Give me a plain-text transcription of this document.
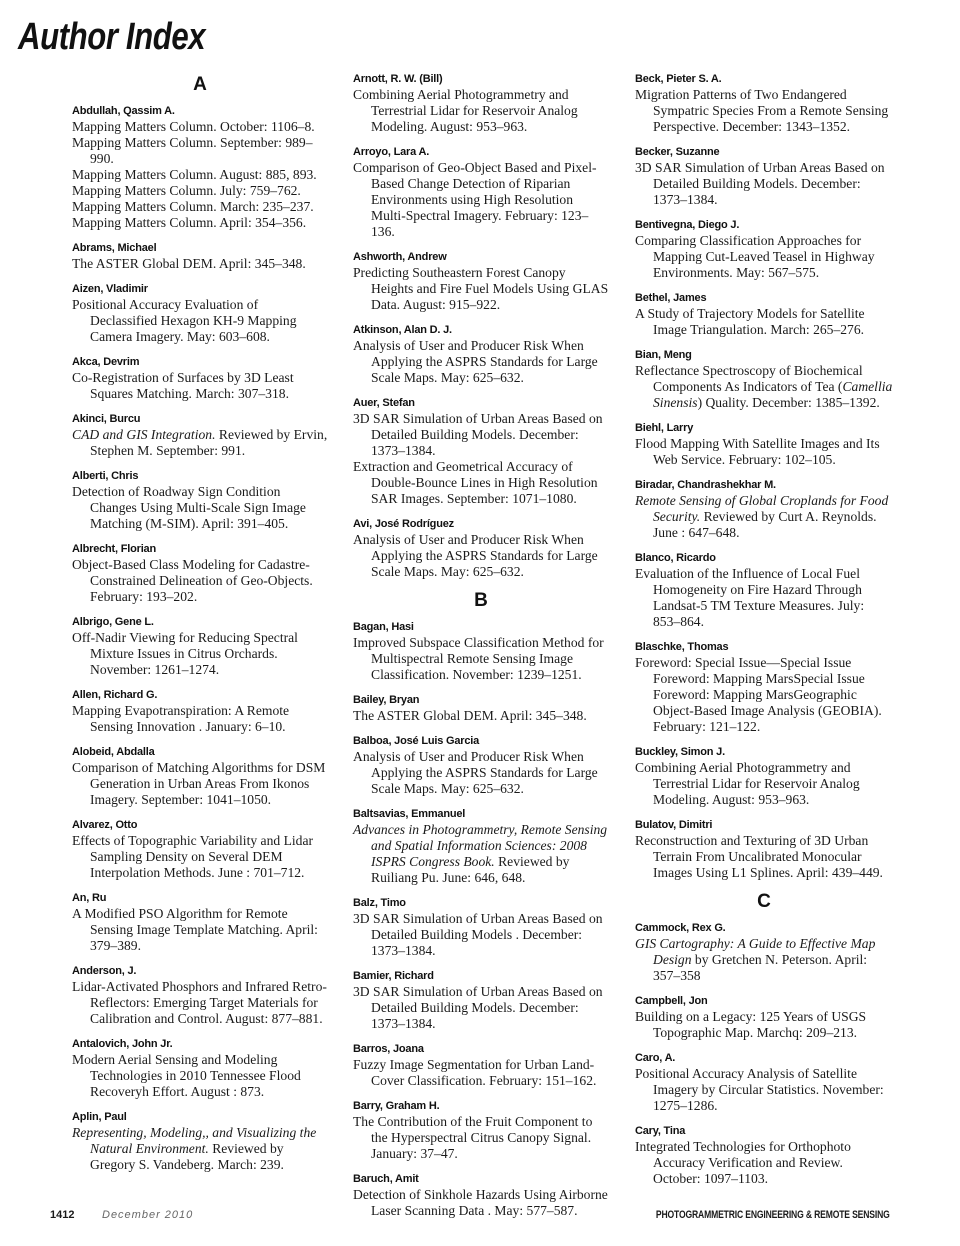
Author Index
A
Abdullah, Qassim A.
Mapping Matters Column. October: 1106–8.
Mapping Matters Column. September: 989–990.
Mapping Matters Column. August: 885, 893.
Mapping Matters Column. July: 759–762.
Mapping Matters Column. March: 235–237.
Mapping Matters Column. April: 354–356.
Abrams, Michael
The ASTER Global DEM. April: 345–348.
Aizen, Vladimir
Positional Accuracy Evaluation of Declassified Hexagon KH-9 Mapping Camera Imagery. May: 603–608.
Akca, Devrim
Co-Registration of Surfaces by 3D Least Squares Matching. March: 307–318.
Akinci, Burcu
CAD and GIS Integration. Reviewed by Ervin, Stephen M. September: 991.
Alberti, Chris
Detection of Roadway Sign Condition Changes Using Multi-Scale Sign Image Matching (M-SIM). April: 391–405.
Albrecht, Florian
Object-Based Class Modeling for Cadastre-Constrained Delineation of Geo-Objects. February: 193–202.
Albrigo, Gene L.
Off-Nadir Viewing for Reducing Spectral Mixture Issues in Citrus Orchards. November: 1261–1274.
Allen, Richard G.
Mapping Evapotranspiration: A Remote Sensing Innovation . January: 6–10.
Alobeid, Abdalla
Comparison of Matching Algorithms for DSM Generation in Urban Areas From Ikonos Imagery. September: 1041–1050.
Alvarez, Otto
Effects of Topographic Variability and Lidar Sampling Density on Several DEM Interpolation Methods. June : 701–712.
An, Ru
A Modified PSO Algorithm for Remote Sensing Image Template Matching. April: 379–389.
Anderson, J.
Lidar-Activated Phosphors and Infrared Retro-Reflectors: Emerging Target Materials for Calibration and Control. August: 877–881.
Antalovich, John Jr.
Modern Aerial Sensing and Modeling Technologies in 2010 Tennessee Flood Recoveryh Effort. August : 873.
Aplin, Paul
Representing, Modeling,, and Visualizing the Natural Environment. Reviewed by Gregory S. Vandeberg. March: 239.
Arnott, R. W. (Bill)
Combining Aerial Photogrammetry and Terrestrial Lidar for Reservoir Analog Modeling. August: 953–963.
Arroyo, Lara A.
Comparison of Geo-Object Based and Pixel-Based Change Detection of Riparian Environments using High Resolution Multi-Spectral Imagery. February: 123–136.
Ashworth, Andrew
Predicting Southeastern Forest Canopy Heights and Fire Fuel Models Using GLAS Data. August: 915–922.
Atkinson, Alan D. J.
Analysis of User and Producer Risk When Applying the ASPRS Standards for Large Scale Maps. May: 625–632.
Auer, Stefan
3D SAR Simulation of Urban Areas Based on Detailed Building Models. December: 1373–1384.
Extraction and Geometrical Accuracy of Double-Bounce Lines in High Resolution SAR Images. September: 1071–1080.
Avi, José Rodríguez
Analysis of User and Producer Risk When Applying the ASPRS Standards for Large Scale Maps. May: 625–632.
B
Bagan, Hasi
Improved Subspace Classification Method for Multispectral Remote Sensing Image Classification. November: 1239–1251.
Bailey, Bryan
The ASTER Global DEM. April: 345–348.
Balboa, José Luis Garcia
Analysis of User and Producer Risk When Applying the ASPRS Standards for Large Scale Maps. May: 625–632.
Baltsavias, Emmanuel
Advances in Photogrammetry, Remote Sensing and Spatial Information Sciences: 2008 ISPRS Congress Book. Reviewed by Ruiliang Pu. June: 646, 648.
Balz, Timo
3D SAR Simulation of Urban Areas Based on Detailed Building Models . December: 1373–1384.
Bamier, Richard
3D SAR Simulation of Urban Areas Based on Detailed Building Models. December: 1373–1384.
Barros, Joana
Fuzzy Image Segmentation for Urban Land-Cover Classification. February: 151–162.
Barry, Graham H.
The Contribution of the Fruit Component to the Hyperspectral Citrus Canopy Signal. January: 37–47.
Baruch, Amit
Detection of Sinkhole Hazards Using Airborne Laser Scanning Data . May: 577–587.
Beck, Pieter S. A.
Migration Patterns of Two Endangered Sympatric Species From a Remote Sensing Perspective. December: 1343–1352.
Becker, Suzanne
3D SAR Simulation of Urban Areas Based on Detailed Building Models. December: 1373–1384.
Bentivegna, Diego J.
Comparing Classification Approaches for Mapping Cut-Leaved Teasel in Highway Environments. May: 567–575.
Bethel, James
A Study of Trajectory Models for Satellite Image Triangulation. March: 265–276.
Bian, Meng
Reflectance Spectroscopy of Biochemical Components As Indicators of Tea (Camellia Sinensis) Quality. December: 1385–1392.
Biehl, Larry
Flood Mapping With Satellite Images and Its Web Service. February: 102–105.
Biradar, Chandrashekhar M.
Remote Sensing of Global Croplands for Food Security. Reviewed by Curt A. Reynolds. June : 647–648.
Blanco, Ricardo
Evaluation of the Influence of Local Fuel Homogeneity on Fire Hazard Through Landsat-5 TM Texture Measures. July: 853–864.
Blaschke, Thomas
Foreword: Special Issue—Special Issue Foreword: Mapping MarsSpecial Issue Foreword: Mapping MarsGeographic Object-Based Image Analysis (GEOBIA). February: 121–122.
Buckley, Simon J.
Combining Aerial Photogrammetry and Terrestrial Lidar for Reservoir Analog Modeling. August: 953–963.
Bulatov, Dimitri
Reconstruction and Texturing of 3D Urban Terrain From Uncalibrated Monocular Images Using L1 Splines. April: 439–449.
C
Cammock, Rex G.
GIS Cartography: A Guide to Effective Map Design by Gretchen N. Peterson. April: 357–358
Campbell, Jon
Building on a Legacy: 125 Years of USGS Topographic Map. Marchq: 209–213.
Caro, A.
Positional Accuracy Analysis of Satellite Imagery by Circular Statistics. November: 1275–1286.
Cary, Tina
Integrated Technologies for Orthophoto Accuracy Verification and Review. October: 1097–1103.
1412	December 2010	PHOTOGRAMMETRIC ENGINEERING & REMOTE SENSING
